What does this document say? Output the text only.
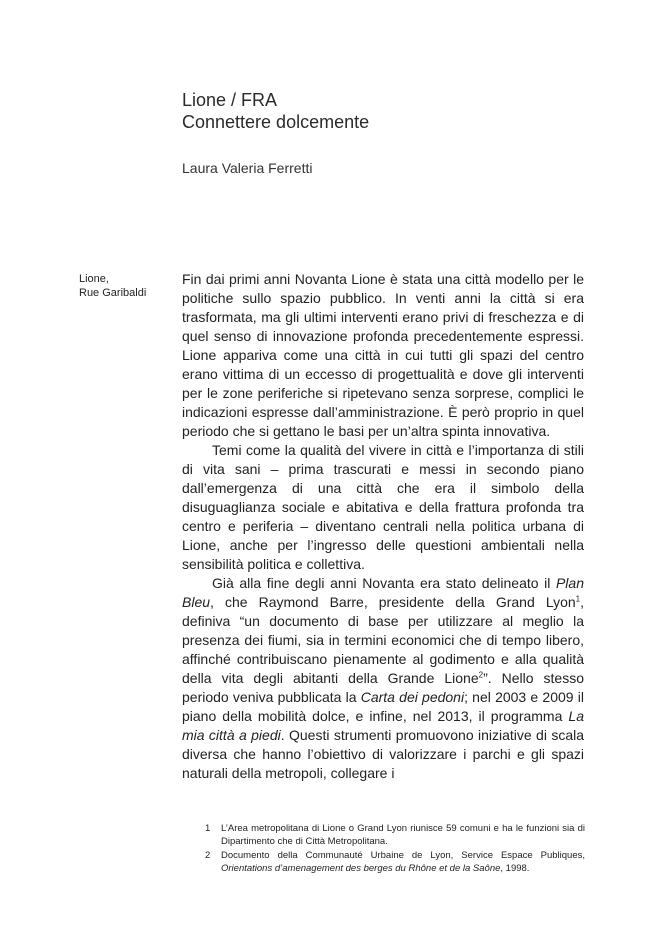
Lione / FRA
Connettere dolcemente
Laura Valeria Ferretti
Lione,
Rue Garibaldi

Fin dai primi anni Novanta Lione è stata una città modello per le politiche sullo spazio pubblico. In venti anni la città si era trasformata, ma gli ultimi interventi erano privi di freschezza e di quel senso di innovazione profonda precedentemente espressi. Lione appariva come una città in cui tutti gli spazi del centro erano vittima di un eccesso di progettualità e dove gli interventi per le zone periferiche si ripetevano senza sorprese, complici le indicazioni espresse dall’amministrazione. È però proprio in quel periodo che si gettano le basi per un’altra spinta innovativa.

Temi come la qualità del vivere in città e l’importanza di stili di vita sani – prima trascurati e messi in secondo piano dall’emergenza di una città che era il simbolo della disuguaglianza sociale e abitativa e della frattura profonda tra centro e periferia – diventano centrali nella politica urbana di Lione, anche per l’ingresso delle questioni ambientali nella sensibilità politica e collettiva.

Già alla fine degli anni Novanta era stato delineato il Plan Bleu, che Raymond Barre, presidente della Grand Lyon$^1$, definiva “un documento di base per utilizzare al meglio la presenza dei fiumi, sia in termini economici che di tempo libero, affinché contribuiscano pienamente al godimento e alla qualità della vita degli abitanti della Grande Lione$^2$”. Nello stesso periodo veniva pubblicata la Carta dei pedoni; nel 2003 e 2009 il piano della mobilità dolce, e infine, nel 2013, il programma La mia città a piedi. Questi strumenti promuovono iniziative di scala diversa che hanno l’obiettivo di valorizzare i parchi e gli spazi naturali della metropoli, collegare i

1 L’Area metropolitana di Lione o Grand Lyon riunisce 59 comuni e ha le funzioni sia di Dipartimento che di Città Metropolitana.
2 Documento della Communauté Urbaine de Lyon, Service Espace Publiques, Orientations d’amenagement des berges du Rhône et de la Saône, 1998.
